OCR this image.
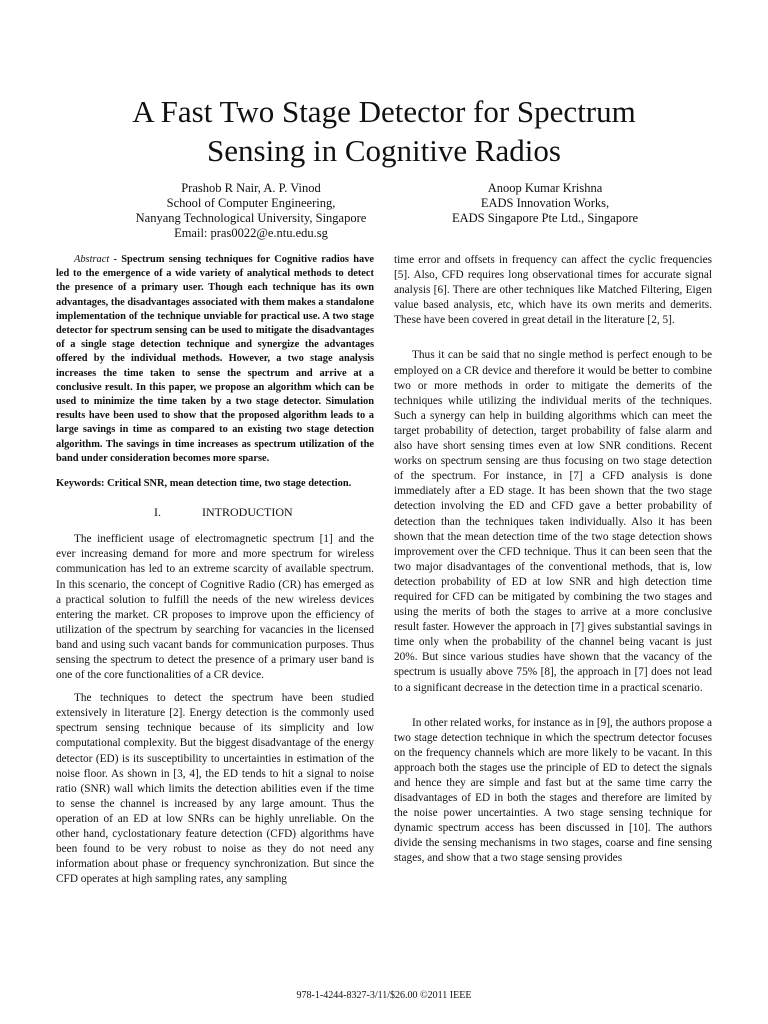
A Fast Two Stage Detector for Spectrum
Sensing in Cognitive Radios
Prashob R Nair, A. P. Vinod
School of Computer Engineering,
Nanyang Technological University, Singapore
Email: pras0022@e.ntu.edu.sg
Anoop Kumar Krishna
EADS Innovation Works,
EADS Singapore Pte Ltd., Singapore

Abstract - Spectrum sensing techniques for Cognitive radios have led to the emergence of a wide variety of analytical methods to detect the presence of a primary user. Though each technique has its own advantages, the disadvantages associated with them makes a standalone implementation of the technique unviable for practical use. A two stage detector for spectrum sensing can be used to mitigate the disadvantages of a single stage detection technique and synergize the advantages offered by the individual methods. However, a two stage analysis increases the time taken to sense the spectrum and arrive at a conclusive result. In this paper, we propose an algorithm which can be used to minimize the time taken by a two stage detector. Simulation results have been used to show that the proposed algorithm leads to a large savings in time as compared to an existing two stage detection algorithm. The savings in time increases as spectrum utilization of the band under consideration becomes more sparse.

Keywords: Critical SNR, mean detection time, two stage detection.

I.	INTRODUCTION

The inefficient usage of electromagnetic spectrum [1] and the ever increasing demand for more and more spectrum for wireless communication has led to an extreme scarcity of available spectrum. In this scenario, the concept of Cognitive Radio (CR) has emerged as a practical solution to fulfill the needs of the new wireless devices entering the market. CR proposes to improve upon the efficiency of utilization of the spectrum by searching for vacancies in the licensed band and using such vacant bands for communication purposes. Thus sensing the spectrum to detect the presence of a primary user band is one of the core functionalities of a CR device.

The techniques to detect the spectrum have been studied extensively in literature [2]. Energy detection is the commonly used spectrum sensing technique because of its simplicity and low computational complexity. But the biggest disadvantage of the energy detector (ED) is its susceptibility to uncertainties in estimation of the noise floor. As shown in [3, 4], the ED tends to hit a signal to noise ratio (SNR) wall which limits the detection abilities even if the time to sense the channel is increased by any large amount. Thus the operation of an ED at low SNRs can be highly unreliable. On the other hand, cyclostationary feature detection (CFD) algorithms have been found to be very robust to noise as they do not need any information about phase or frequency synchronization. But since the CFD operates at high sampling rates, any sampling

time error and offsets in frequency can affect the cyclic frequencies [5]. Also, CFD requires long observational times for accurate signal analysis [6]. There are other techniques like Matched Filtering, Eigen value based analysis, etc, which have its own merits and demerits. These have been covered in great detail in the literature [2, 5].

Thus it can be said that no single method is perfect enough to be employed on a CR device and therefore it would be better to combine two or more methods in order to mitigate the demerits of the techniques while utilizing the individual merits of the techniques. Such a synergy can help in building algorithms which can meet the target probability of detection, target probability of false alarm and also have short sensing times even at low SNR conditions. Recent works on spectrum sensing are thus focusing on two stage detection of the spectrum. For instance, in [7] a CFD analysis is done immediately after a ED stage. It has been shown that the two stage detection involving the ED and CFD gave a better probability of detection than the techniques taken individually. Also it has been shown that the mean detection time of the two stage detection shows improvement over the CFD technique. Thus it can been seen that the two major disadvantages of the conventional methods, that is, low detection probability of ED at low SNR and high detection time required for CFD can be mitigated by combining the two stages and using the merits of both the stages to arrive at a more conclusive result faster. However the approach in [7] gives substantial savings in time only when the probability of the channel being vacant is just 20%. But since various studies have shown that the vacancy of the spectrum is usually above 75% [8], the approach in [7] does not lead to a significant decrease in the detection time in a practical scenario.

In other related works, for instance as in [9], the authors propose a two stage detection technique in which the spectrum detector focuses on the frequency channels which are more likely to be vacant. In this approach both the stages use the principle of ED to detect the signals and hence they are simple and fast but at the same time carry the disadvantages of ED in both the stages and therefore are limited by the noise power uncertainties. A two stage sensing technique for dynamic spectrum access has been discussed in [10]. The authors divide the sensing mechanisms in two stages, coarse and fine sensing stages, and show that a two stage sensing provides

978-1-4244-8327-3/11/$26.00 ©2011 IEEE
